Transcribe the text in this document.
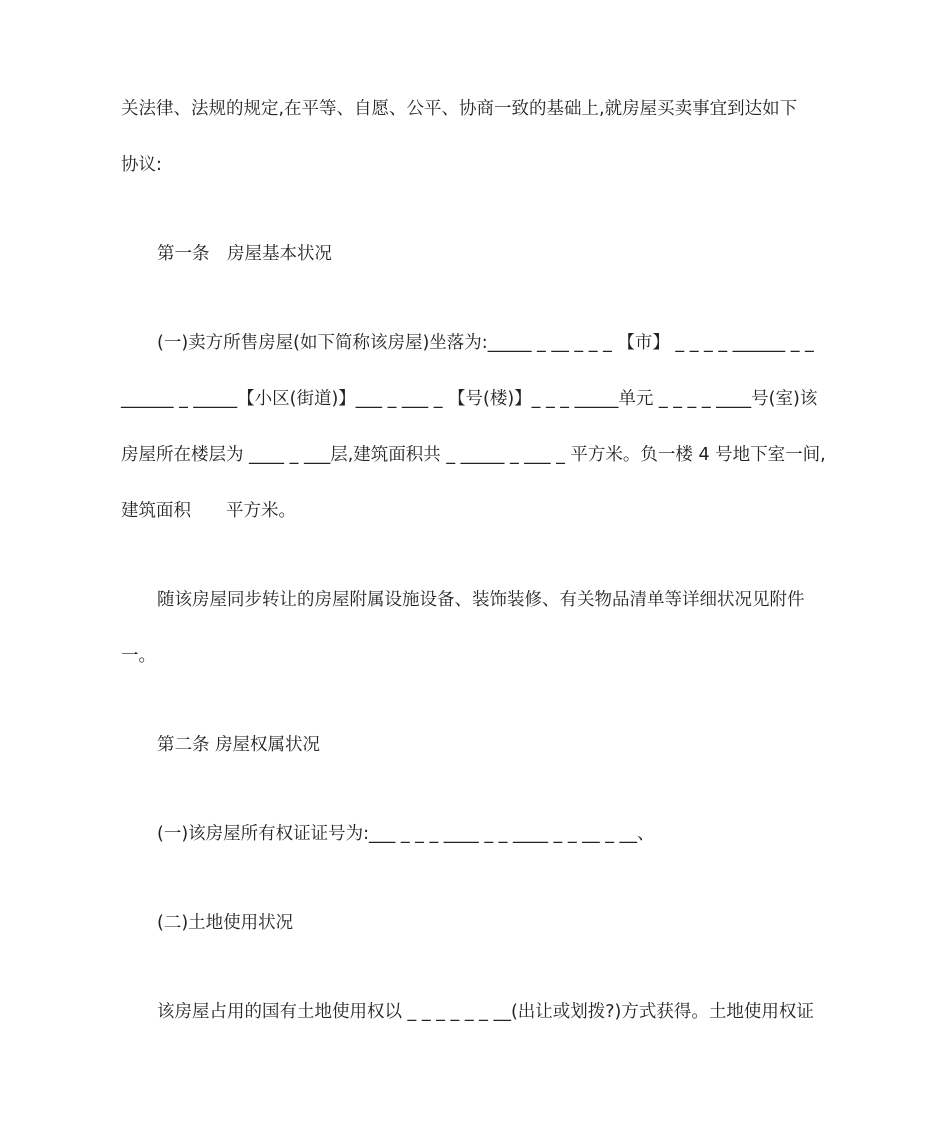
关法律、法规的规定,在平等、自愿、公平、协商一致的基础上,就房屋买卖事宜到达如下
协议:
第一条　房屋基本状况
(一)卖方所售房屋(如下简称该房屋)坐落为:_____ _ __ _ _ _ 【市】 _ _ _ _ ______ _ _
______ _ _____【小区(街道)】___ _ ___ _ 【号(楼)】_ _ _ _____单元 _ _ _ _ ____号(室)该
房屋所在楼层为 ____ _ ___层,建筑面积共 _ _____ _ ___ _ 平方米。负一楼 4 号地下室一间,
建筑面积　　平方米。
随该房屋同步转让的房屋附属设施设备、装饰装修、有关物品清单等详细状况见附件
一。
第二条 房屋权属状况
(一)该房屋所有权证证号为:___ _ _ _ ____ _ _ ____ _ _ __ _ __、
(二)土地使用状况
该房屋占用的国有土地使用权以 _ _ _ _ _ _ __(出让或划拨?)方式获得。土地使用权证
